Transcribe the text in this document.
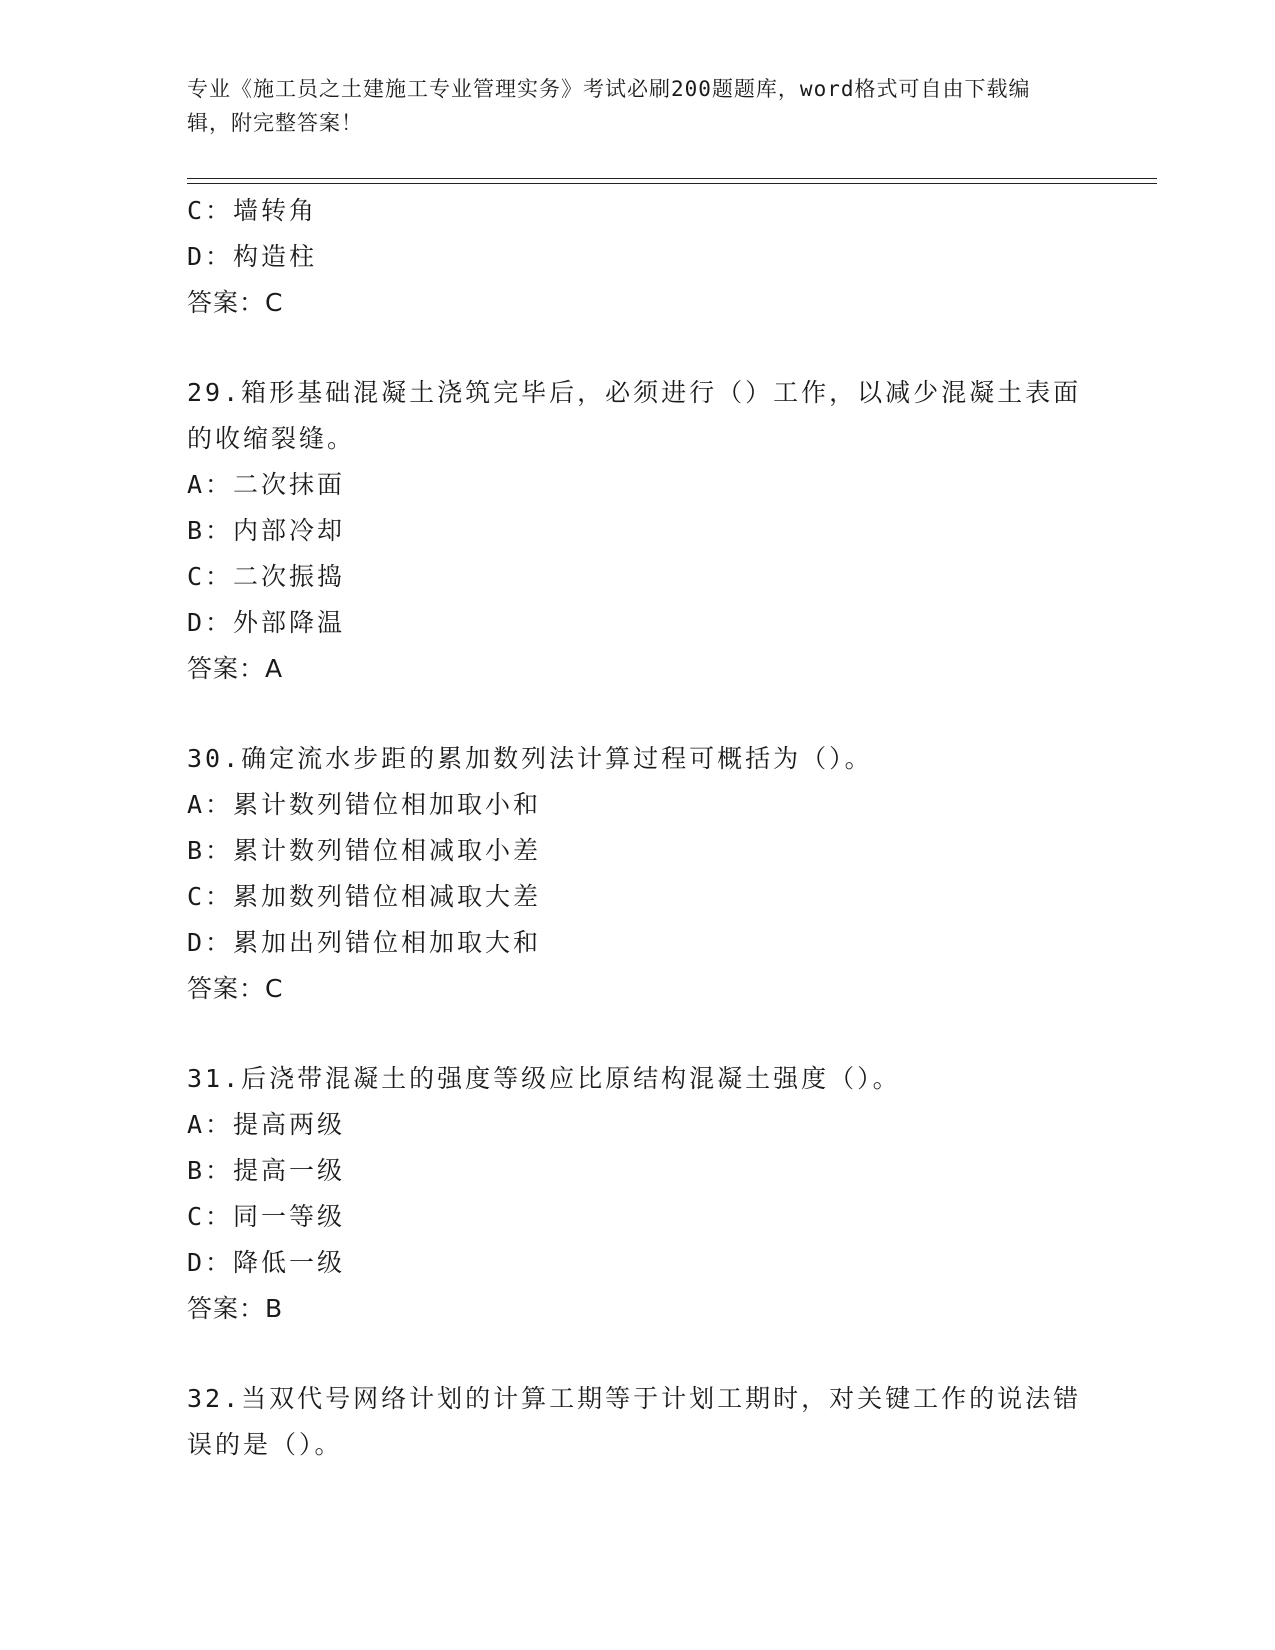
专业《施工员之土建施工专业管理实务》考试必刷200题题库，word格式可自由下载编辑，附完整答案！
C：墙转角
D：构造柱
答案：C
29.箱形基础混凝土浇筑完毕后，必须进行（）工作，以减少混凝土表面的收缩裂缝。
A：二次抹面
B：内部冷却
C：二次振捣
D：外部降温
答案：A
30.确定流水步距的累加数列法计算过程可概括为（）。
A：累计数列错位相加取小和
B：累计数列错位相减取小差
C：累加数列错位相减取大差
D：累加出列错位相加取大和
答案：C
31.后浇带混凝土的强度等级应比原结构混凝土强度（）。
A：提高两级
B：提高一级
C：同一等级
D：降低一级
答案：B
32.当双代号网络计划的计算工期等于计划工期时，对关键工作的说法错误的是（）。
